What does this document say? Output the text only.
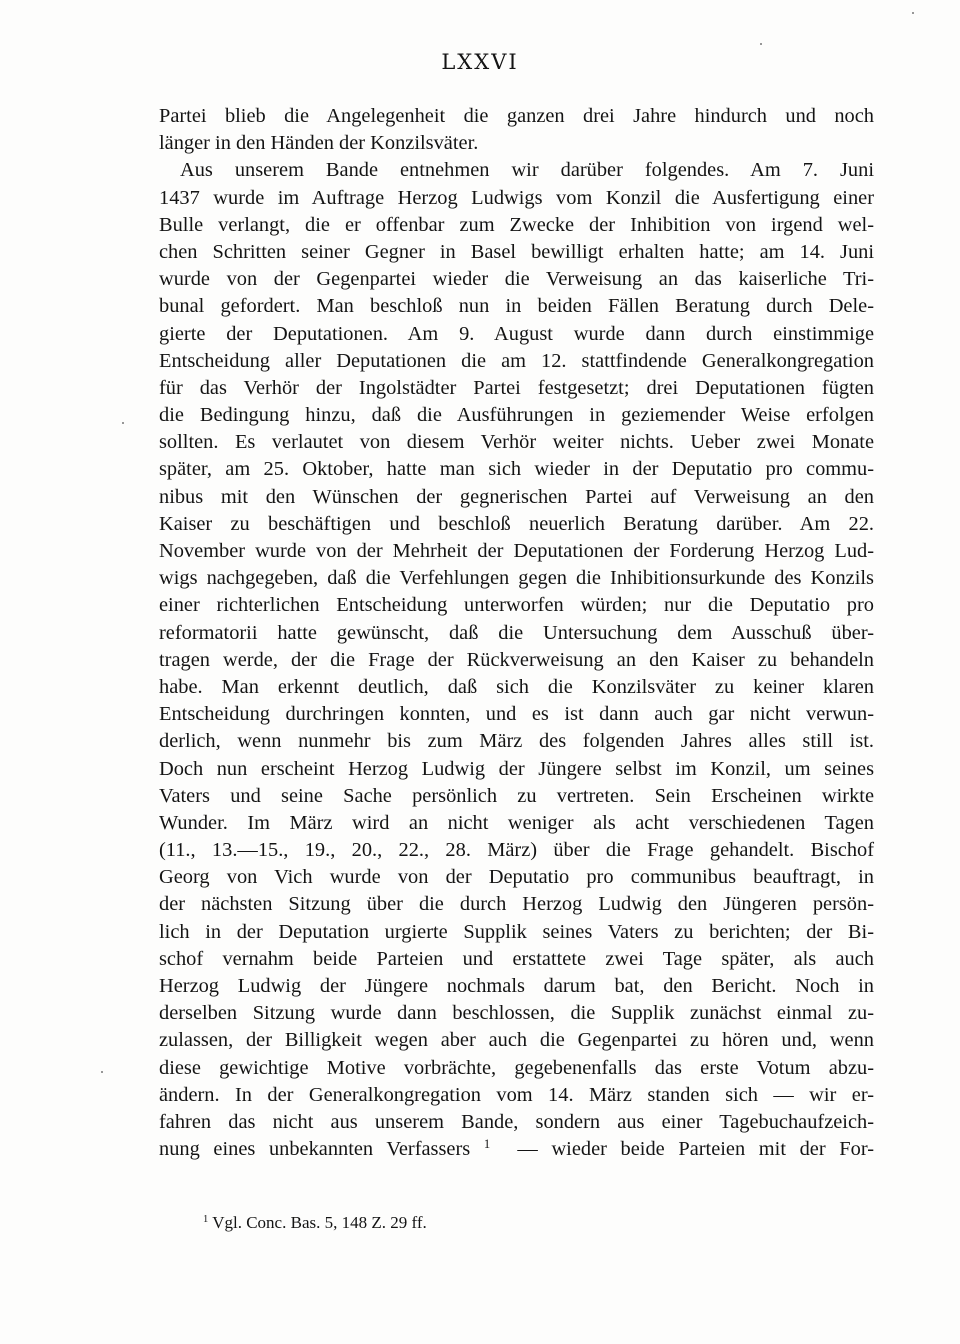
LXXVI
Partei blieb die Angelegenheit die ganzen drei Jahre hindurch und noch
länger in den Händen der Konzilsväter.
Aus unserem Bande entnehmen wir darüber folgendes. Am 7. Juni
1437 wurde im Auftrage Herzog Ludwigs vom Konzil die Ausfertigung einer
Bulle verlangt, die er offenbar zum Zwecke der Inhibition von irgend wel-
chen Schritten seiner Gegner in Basel bewilligt erhalten hatte; am 14. Juni
wurde von der Gegenpartei wieder die Verweisung an das kaiserliche Tri-
bunal gefordert. Man beschloß nun in beiden Fällen Beratung durch Dele-
gierte der Deputationen. Am 9. August wurde dann durch einstimmige
Entscheidung aller Deputationen die am 12. stattfindende Generalkongregation
für das Verhör der Ingolstädter Partei festgesetzt; drei Deputationen fügten
die Bedingung hinzu, daß die Ausführungen in geziemender Weise erfolgen
sollten. Es verlautet von diesem Verhör weiter nichts. Ueber zwei Monate
später, am 25. Oktober, hatte man sich wieder in der Deputatio pro commu-
nibus mit den Wünschen der gegnerischen Partei auf Verweisung an den
Kaiser zu beschäftigen und beschloß neuerlich Beratung darüber. Am 22.
November wurde von der Mehrheit der Deputationen der Forderung Herzog Lud-
wigs nachgegeben, daß die Verfehlungen gegen die Inhibitionsurkunde des Konzils
einer richterlichen Entscheidung unterworfen würden; nur die Deputatio pro
reformatorii hatte gewünscht, daß die Untersuchung dem Ausschuß über-
tragen werde, der die Frage der Rückverweisung an den Kaiser zu behandeln
habe. Man erkennt deutlich, daß sich die Konzilsväter zu keiner klaren
Entscheidung durchringen konnten, und es ist dann auch gar nicht verwun-
derlich, wenn nunmehr bis zum März des folgenden Jahres alles still ist.
Doch nun erscheint Herzog Ludwig der Jüngere selbst im Konzil, um seines
Vaters und seine Sache persönlich zu vertreten. Sein Erscheinen wirkte
Wunder. Im März wird an nicht weniger als acht verschiedenen Tagen
(11., 13.—15., 19., 20., 22., 28. März) über die Frage gehandelt. Bischof
Georg von Vich wurde von der Deputatio pro communibus beauftragt, in
der nächsten Sitzung über die durch Herzog Ludwig den Jüngeren persön-
lich in der Deputation urgierte Supplik seines Vaters zu berichten; der Bi-
schof vernahm beide Parteien und erstattete zwei Tage später, als auch
Herzog Ludwig der Jüngere nochmals darum bat, den Bericht. Noch in
derselben Sitzung wurde dann beschlossen, die Supplik zunächst einmal zu-
zulassen, der Billigkeit wegen aber auch die Gegenpartei zu hören und, wenn
diese gewichtige Motive vorbrächte, gegebenenfalls das erste Votum abzu-
ändern. In der Generalkongregation vom 14. März standen sich — wir er-
fahren das nicht aus unserem Bande, sondern aus einer Tagebuchaufzeich-
nung eines unbekannten Verfassers $^1$ — wieder beide Parteien mit der For-
$^1$ Vgl. Conc. Bas. 5, 148 Z. 29 ff.
